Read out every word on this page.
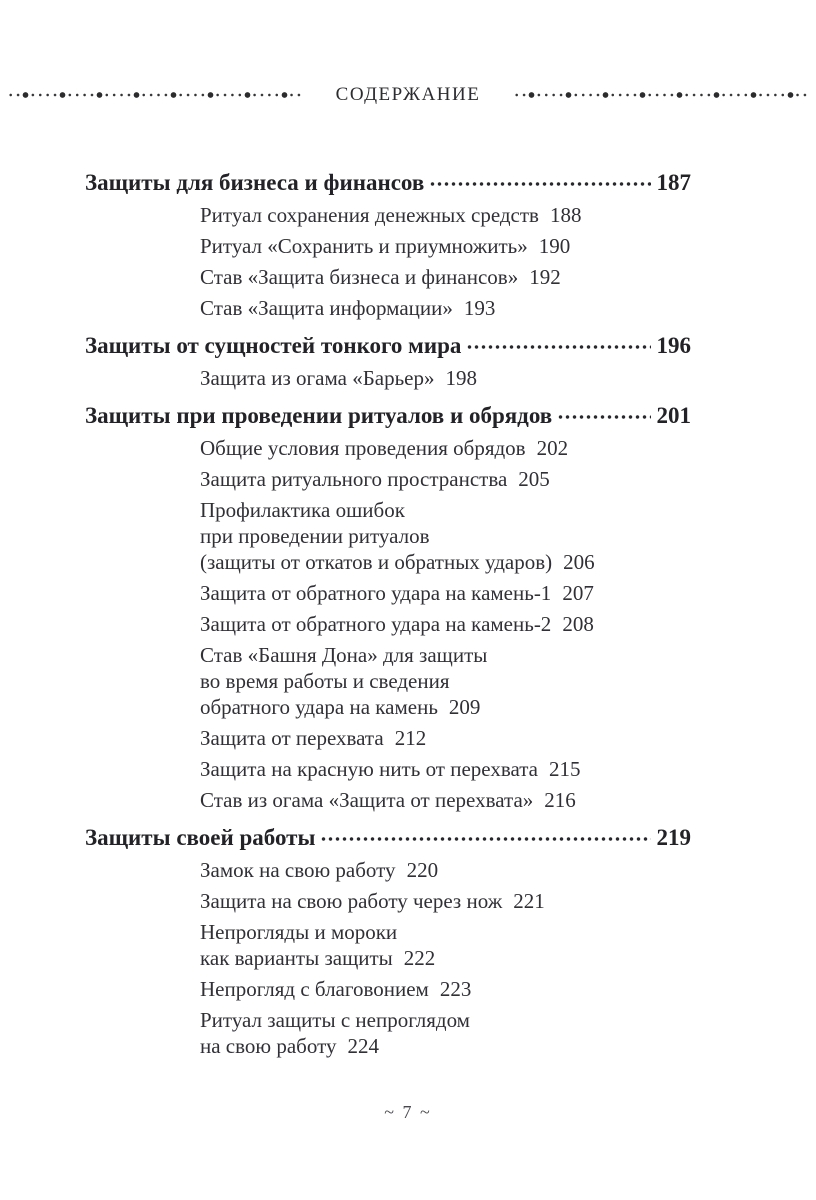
СОДЕРЖАНИЕ
Защиты для бизнеса и финансов	187
Ритуал сохранения денежных средств 188
Ритуал «Сохранить и приумножить» 190
Став «Защита бизнеса и финансов» 192
Став «Защита информации» 193
Защиты от сущностей тонкого мира	196
Защита из огама «Барьер» 198
Защиты при проведении ритуалов и обрядов	201
Общие условия проведения обрядов 202
Защита ритуального пространства 205
Профилактика ошибок
при проведении ритуалов
(защиты от откатов и обратных ударов) 206
Защита от обратного удара на камень-1 207
Защита от обратного удара на камень-2 208
Став «Башня Дона» для защиты
во время работы и сведения
обратного удара на камень 209
Защита от перехвата 212
Защита на красную нить от перехвата 215
Став из огама «Защита от перехвата» 216
Защиты своей работы	219
Замок на свою работу 220
Защита на свою работу через нож 221
Непрогляды и мороки
как варианты защиты 222
Непрогляд с благовонием 223
Ритуал защиты с непроглядом
на свою работу 224
~ 7 ~
